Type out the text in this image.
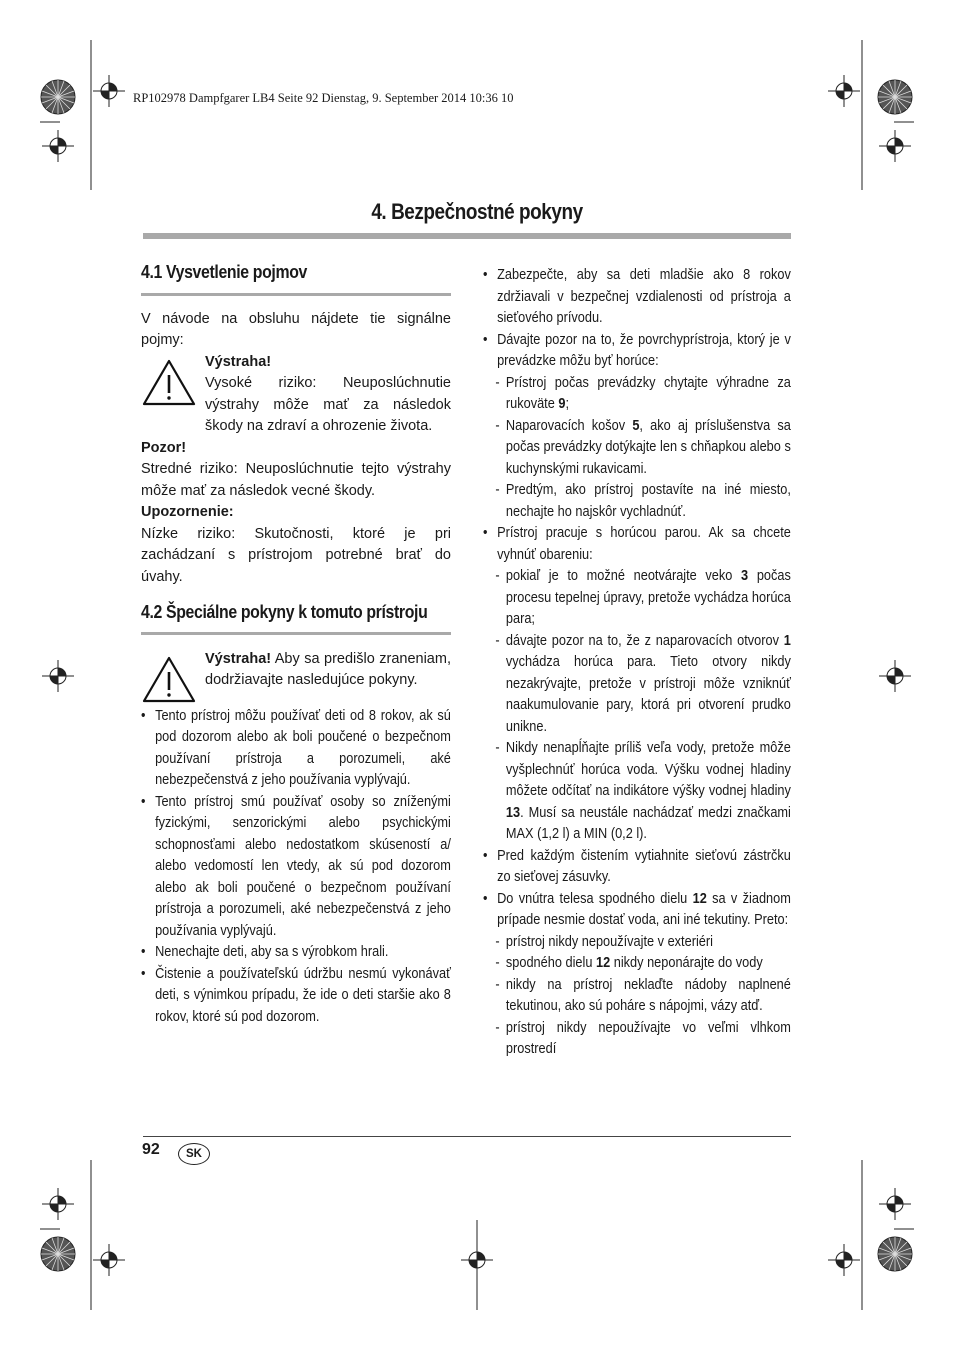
RP102978 Dampfgarer LB4 Seite 92 Dienstag, 9. September 2014 10:36 10
4. Bezpečnostné pokyny
4.1 Vysvetlenie pojmov

V návode na obsluhu nájdete tie signálne pojmy:

Výstraha!
Vysoké riziko: Neuposlúchnutie výstrahy môže mať za následok škody na zdraví a ohrozenie života.
Pozor!
Stredné riziko: Neuposlúchnutie tejto výstrahy môže mať za následok vecné škody.
Upozornenie:
Nízke riziko: Skutočnosti, ktoré je pri zachádzaní s prístrojom potrebné brať do úvahy.
4.2 Špeciálne pokyny k tomuto prístroju
Výstraha! Aby sa predišlo zraneniam, dodržiavajte nasledujúce pokyny.
• Tento prístroj môžu používať deti od 8 rokov, ak sú pod dozorom alebo ak boli poučené o bezpečnom používaní prístroja a porozumeli, aké nebezpečenstvá z jeho používania vyplývajú.
• Tento prístroj smú používať osoby so zníženými fyzickými, senzorickými alebo psychickými schopnosťami alebo nedostatkom skúseností a/ alebo vedomostí len vtedy, ak sú pod dozorom alebo ak boli poučené o bezpečnom používaní prístroja a porozumeli, aké nebezpečenstvá z jeho používania vyplývajú.
• Nenechajte deti, aby sa s výrobkom hrali.
• Čistenie a používateľskú údržbu nesmú vykonávať deti, s výnimkou prípadu, že ide o deti staršie ako 8 rokov, ktoré sú pod dozorom.
• Zabezpečte, aby sa deti mladšie ako 8 rokov zdržiavali v bezpečnej vzdialenosti od prístroja a sieťového prívodu.
• Dávajte pozor na to, že povrchyprístroja, ktorý je v prevádzke môžu byť horúce:
- Prístroj počas prevádzky chytajte výhradne za rukoväte 9;
- Naparovacích košov 5, ako aj príslušenstva sa počas prevádzky dotýkajte len s chňapkou alebo s kuchynskými rukavicami.
- Predtým, ako prístroj postavíte na iné miesto, nechajte ho najskôr vychladnúť.
• Prístroj pracuje s horúcou parou. Ak sa chcete vyhnúť obareniu:
- pokiaľ je to možné neotvárajte veko 3 počas procesu tepelnej úpravy, pretože vychádza horúca para;
- dávajte pozor na to, že z naparovacích otvorov 1 vychádza horúca para. Tieto otvory nikdy nezakrývajte, pretože v prístroji môže vzniknúť naakumulovanie pary, ktorá pri otvorení prudko unikne.
- Nikdy nenapĺňajte príliš veľa vody, pretože môže vyšplechnúť horúca voda. Výšku vodnej hladiny môžete odčítať na indikátore výšky vodnej hladiny 13. Musí sa neustále nachádzať medzi značkami MAX (1,2 l) a MIN (0,2 l).
• Pred každým čistením vytiahnite sieťovú zástrčku zo sieťovej zásuvky.
• Do vnútra telesa spodného dielu 12 sa v žiadnom prípade nesmie dostať voda, ani iné tekutiny. Preto:
- prístroj nikdy nepoužívajte v exteriéri
- spodného dielu 12 nikdy neponárajte do vody
- nikdy na prístroj neklaďte nádoby naplnené tekutinou, ako sú poháre s nápojmi, vázy atď.
- prístroj nikdy nepoužívajte vo veľmi vlhkom prostredí
92	SK
